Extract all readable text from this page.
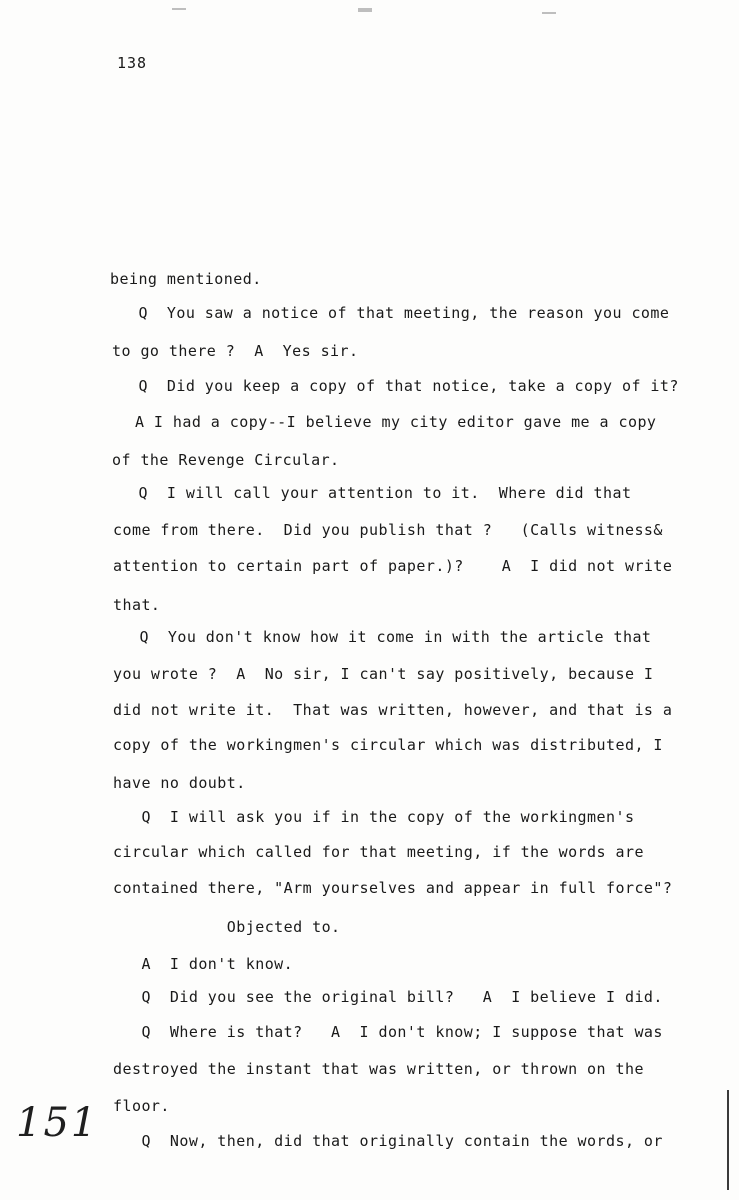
138
being mentioned.
Q  You saw a notice of that meeting, the reason you come
to go there ?  A  Yes sir.
Q  Did you keep a copy of that notice, take a copy of it?
A I had a copy--I believe my city editor gave me a copy
of the Revenge Circular.
Q  I will call your attention to it.  Where did that
come from there.  Did you publish that ?   (Calls witness&
attention to certain part of paper.)?    A  I did not write
that.
Q  You don't know how it come in with the article that
you wrote ?  A  No sir, I can't say positively, because I
did not write it.  That was written, however, and that is a
copy of the workingmen's circular which was distributed, I
have no doubt.
Q  I will ask you if in the copy of the workingmen's
circular which called for that meeting, if the words are
contained there, "Arm yourselves and appear in full force"?
Objected to.
A  I don't know.
Q  Did you see the original bill?   A  I believe I did.
Q  Where is that?   A  I don't know; I suppose that was
destroyed the instant that was written, or thrown on the
floor.
Q  Now, then, did that originally contain the words, or
151
